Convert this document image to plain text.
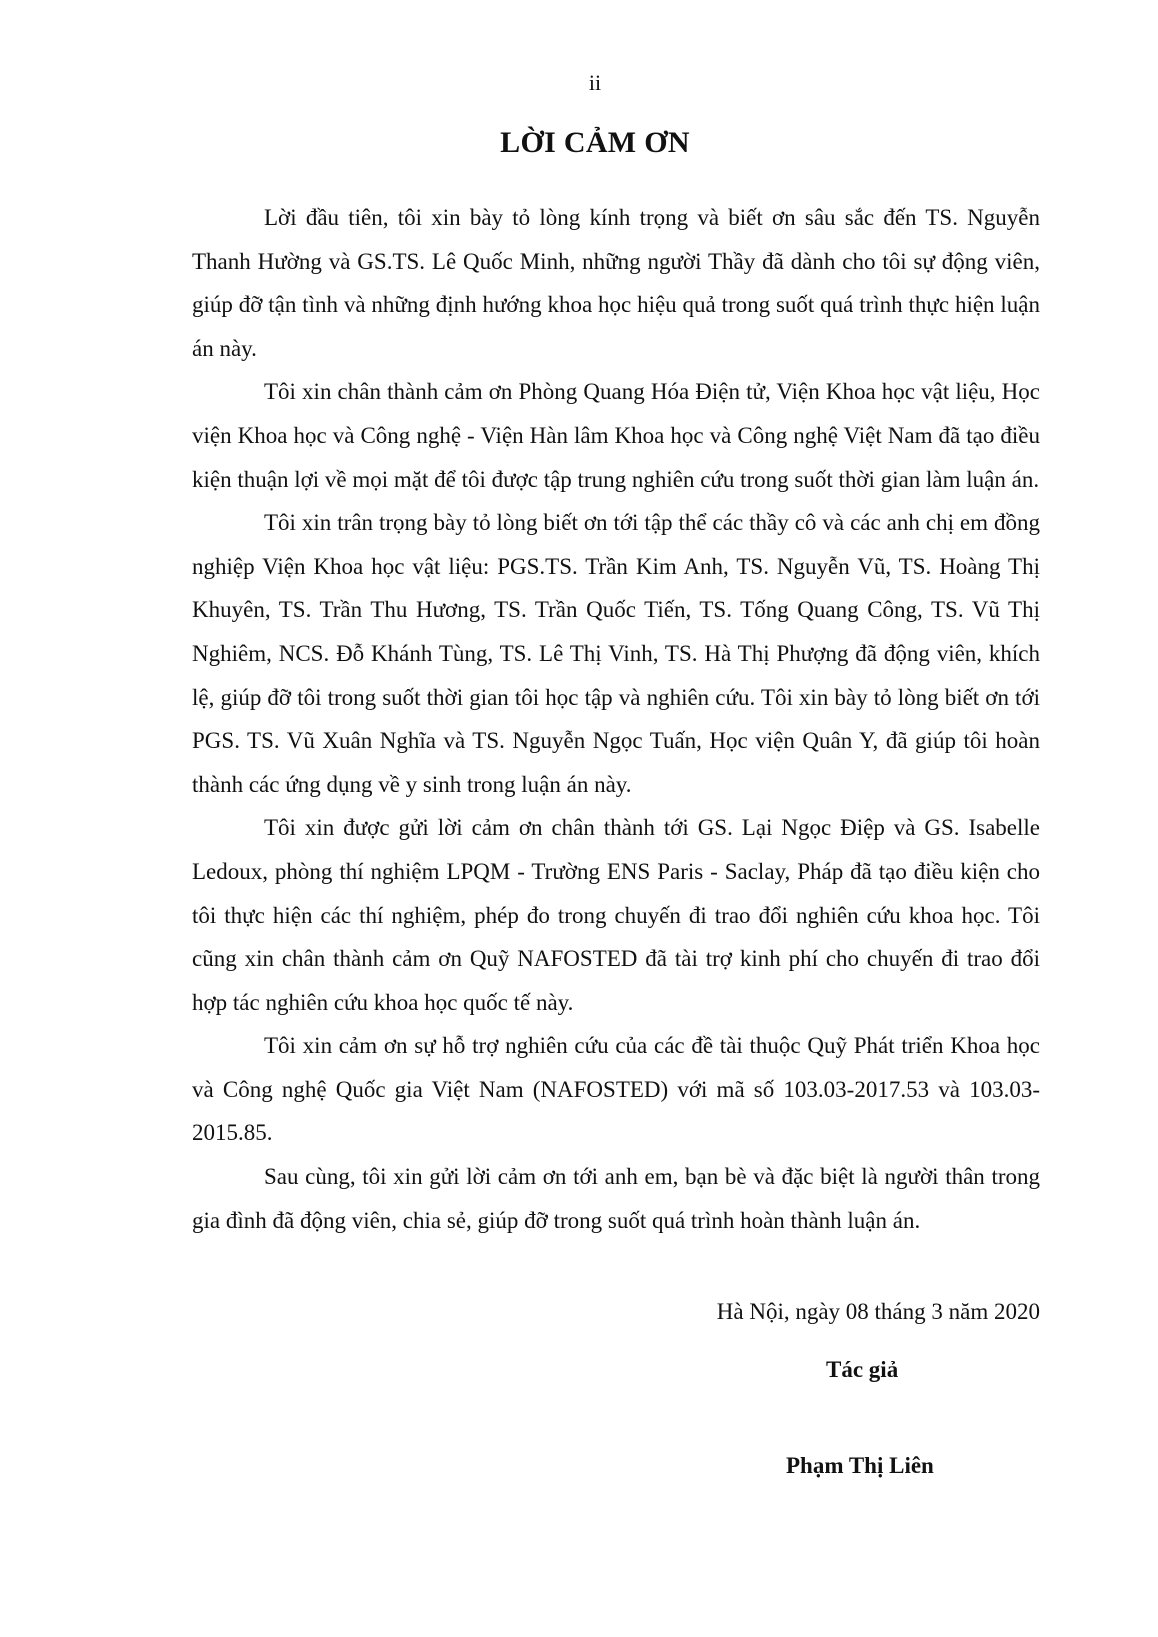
ii
LỜI CẢM ƠN

Lời đầu tiên, tôi xin bày tỏ lòng kính trọng và biết ơn sâu sắc đến TS. Nguyễn Thanh Hường và GS.TS. Lê Quốc Minh, những người Thầy đã dành cho tôi sự động viên, giúp đỡ tận tình và những định hướng khoa học hiệu quả trong suốt quá trình thực hiện luận án này.

Tôi xin chân thành cảm ơn Phòng Quang Hóa Điện tử, Viện Khoa học vật liệu, Học viện Khoa học và Công nghệ - Viện Hàn lâm Khoa học và Công nghệ Việt Nam đã tạo điều kiện thuận lợi về mọi mặt để tôi được tập trung nghiên cứu trong suốt thời gian làm luận án.

Tôi xin trân trọng bày tỏ lòng biết ơn tới tập thể các thầy cô và các anh chị em đồng nghiệp Viện Khoa học vật liệu: PGS.TS. Trần Kim Anh, TS. Nguyễn Vũ, TS. Hoàng Thị Khuyên, TS. Trần Thu Hương, TS. Trần Quốc Tiến, TS. Tống Quang Công, TS. Vũ Thị Nghiêm, NCS. Đỗ Khánh Tùng, TS. Lê Thị Vinh, TS. Hà Thị Phượng đã động viên, khích lệ, giúp đỡ tôi trong suốt thời gian tôi học tập và nghiên cứu. Tôi xin bày tỏ lòng biết ơn tới PGS. TS. Vũ Xuân Nghĩa và TS. Nguyễn Ngọc Tuấn, Học viện Quân Y, đã giúp tôi hoàn thành các ứng dụng về y sinh trong luận án này.

Tôi xin được gửi lời cảm ơn chân thành tới GS. Lại Ngọc Điệp và GS. Isabelle Ledoux, phòng thí nghiệm LPQM - Trường ENS Paris - Saclay, Pháp đã tạo điều kiện cho tôi thực hiện các thí nghiệm, phép đo trong chuyến đi trao đổi nghiên cứu khoa học. Tôi cũng xin chân thành cảm ơn Quỹ NAFOSTED đã tài trợ kinh phí cho chuyến đi trao đổi hợp tác nghiên cứu khoa học quốc tế này.

Tôi xin cảm ơn sự hỗ trợ nghiên cứu của các đề tài thuộc Quỹ Phát triển Khoa học và Công nghệ Quốc gia Việt Nam (NAFOSTED) với mã số 103.03-2017.53 và 103.03-2015.85.

Sau cùng, tôi xin gửi lời cảm ơn tới anh em, bạn bè và đặc biệt là người thân trong gia đình đã động viên, chia sẻ, giúp đỡ trong suốt quá trình hoàn thành luận án.

Hà Nội, ngày 08 tháng 3 năm 2020
Tác giả
Phạm Thị Liên
